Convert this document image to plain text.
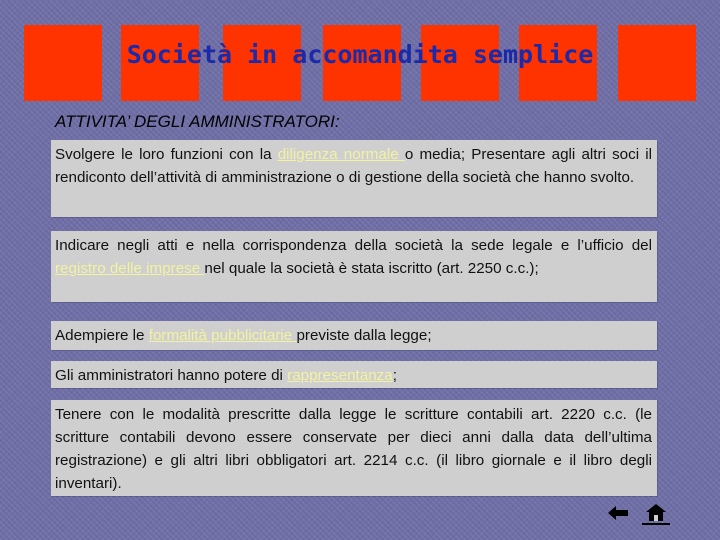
Società in accomandita semplice

ATTIVITA’ DEGLI AMMINISTRATORI:

Svolgere le loro funzioni con la diligenza normale o media; Presentare agli altri soci il rendiconto dell’attività di amministrazione o di gestione della società che hanno svolto.
Indicare negli atti e nella corrispondenza della società la sede legale e l’ufficio del registro delle imprese nel quale la società è stata iscritto (art. 2250 c.c.);
Adempiere le formalità pubblicitarie previste dalla legge;
Gli amministratori hanno potere di rappresentanza;
Tenere con le modalità prescritte dalla legge le scritture contabili art. 2220 c.c. (le scritture contabili devono essere conservate per dieci anni dalla data dell’ultima registrazione) e gli altri libri obbligatori art. 2214 c.c. (il libro giornale e il libro degli inventari).
